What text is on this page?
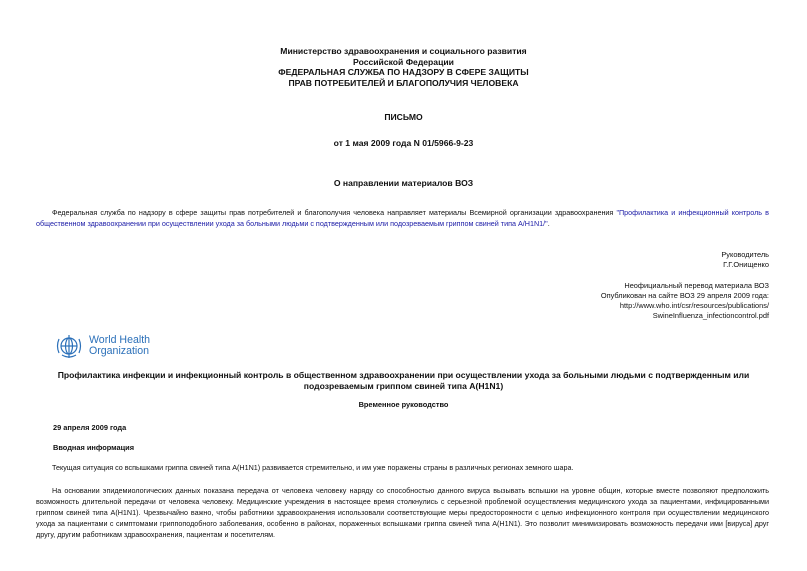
Министерство здравоохранения и социального развития
Российской Федерации
ФЕДЕРАЛЬНАЯ СЛУЖБА ПО НАДЗОРУ В СФЕРЕ ЗАЩИТЫ
ПРАВ ПОТРЕБИТЕЛЕЙ И БЛАГОПОЛУЧИЯ ЧЕЛОВЕКА
ПИСЬМО
от 1 мая 2009 года N 01/5966-9-23
О направлении материалов ВОЗ
Федеральная служба по надзору в сфере защиты прав потребителей и благополучия человека направляет материалы Всемирной организации здравоохранения "Профилактика и инфекционный контроль в общественном здравоохранении при осуществлении ухода за больными людьми с подтвержденным или подозреваемым гриппом свиней типа A/H1N1/".
Руководитель
Г.Г.Онищенко
Неофициальный перевод материала ВОЗ
Опубликован на сайте ВОЗ 29 апреля 2009 года:
http://www.who.int/csr/resources/publications/
SwineInfluenza_infectioncontrol.pdf
World Health
Organization
Профилактика инфекции и инфекционный контроль в общественном здравоохранении при осуществлении ухода за больными людьми с подтвержденным или
подозреваемым гриппом свиней типа A(H1N1)
Временное руководство
29 апреля 2009 года
Вводная информация
Текущая ситуация со вспышками гриппа свиней типа A(H1N1) развивается стремительно, и им уже поражены страны в различных регионах земного шара.
На основании эпидемиологических данных показана передача от человека человеку наряду со способностью данного вируса вызывать вспышки на уровне общин, которые вместе позволяют предположить возможность длительной передачи от человека человеку. Медицинские учреждения в настоящее время столкнулись с серьезной проблемой осуществления медицинского ухода за пациентами, инфицированными гриппом свиней типа A(H1N1). Чрезвычайно важно, чтобы работники здравоохранения использовали соответствующие меры предосторожности с целью инфекционного контроля при осуществлении медицинского ухода за пациентами с симптомами гриппоподобного заболевания, особенно в районах, пораженных вспышками гриппа свиней типа A(H1N1). Это позволит минимизировать возможность передачи ими [вируса] друг другу, другим работникам здравоохранения, пациентам и посетителям.
